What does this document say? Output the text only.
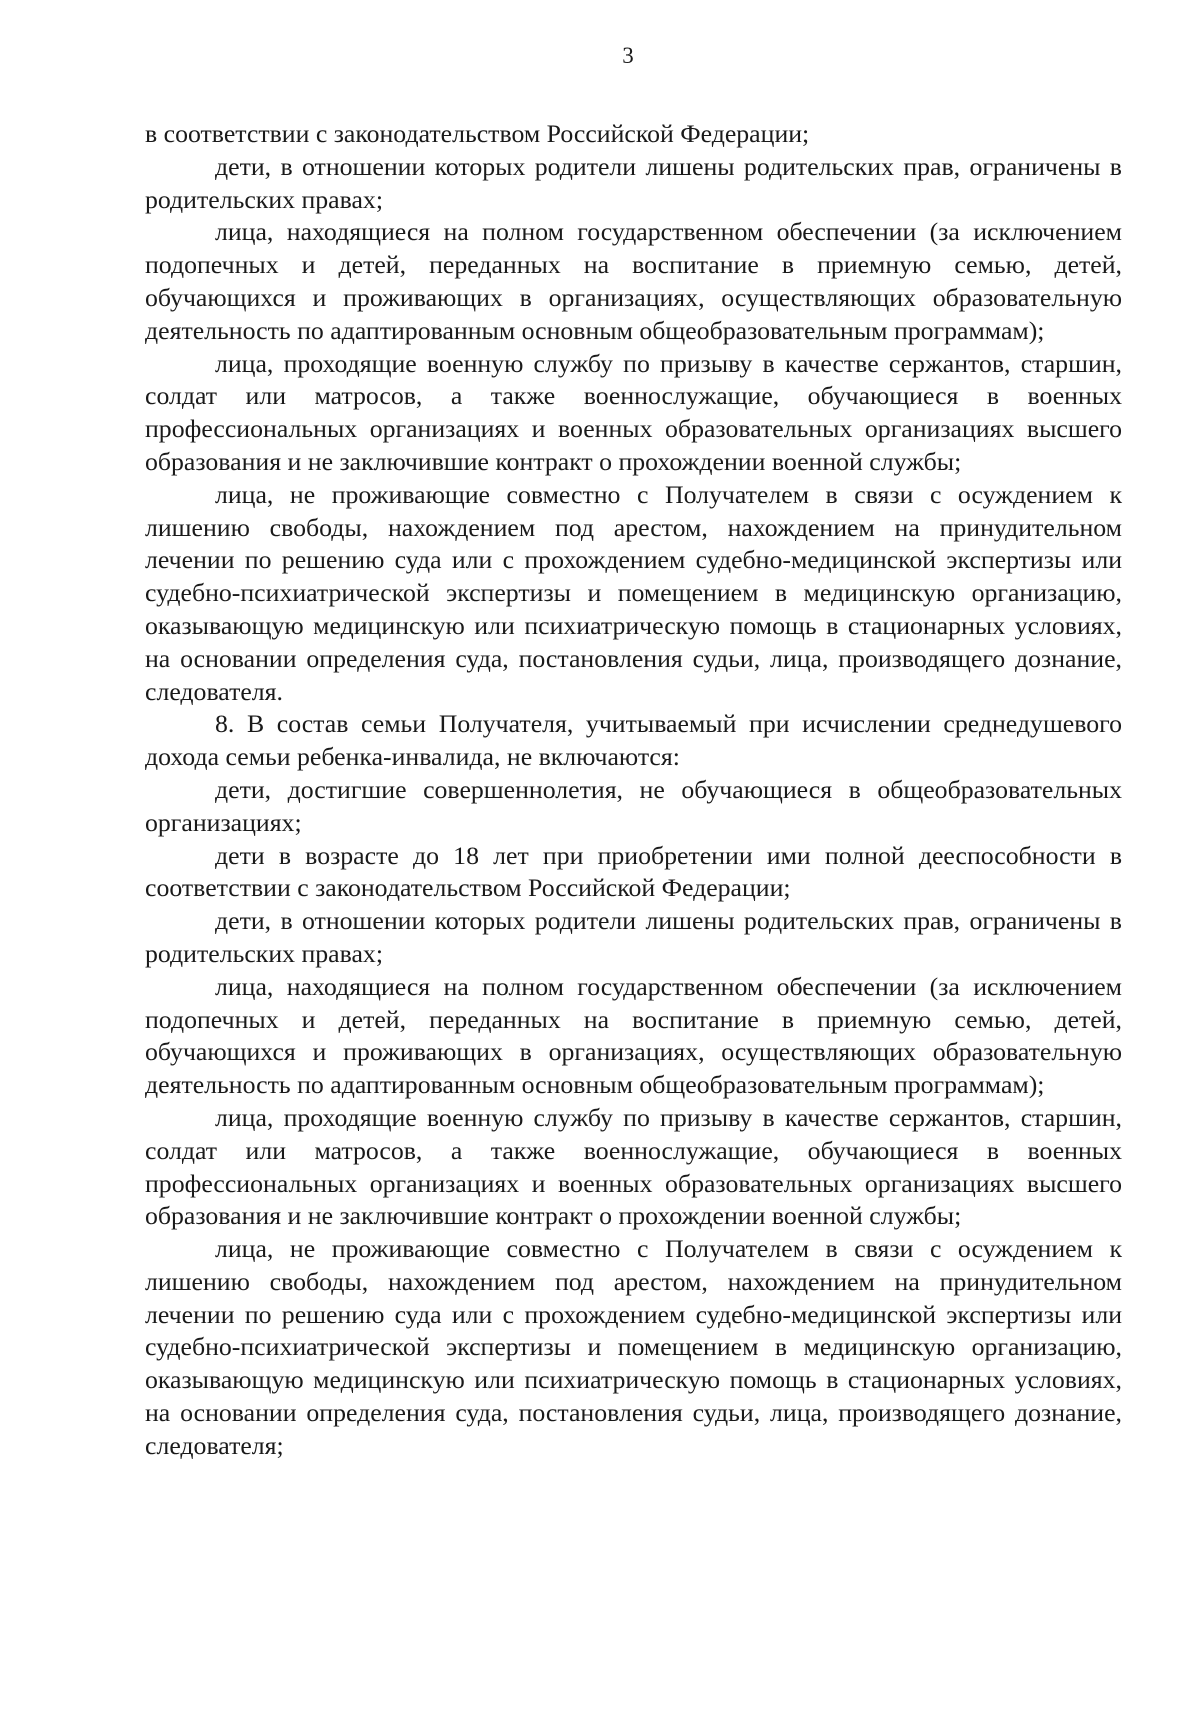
3

в соответствии с законодательством Российской Федерации;

дети, в отношении которых родители лишены родительских прав, ограничены в родительских правах;

лица, находящиеся на полном государственном обеспечении (за исключением подопечных и детей, переданных на воспитание в приемную семью, детей, обучающихся и проживающих в организациях, осуществляющих образовательную деятельность по адаптированным основным общеобразовательным программам);

лица, проходящие военную службу по призыву в качестве сержантов, старшин, солдат или матросов, а также военнослужащие, обучающиеся в военных профессиональных организациях и военных образовательных организациях высшего образования и не заключившие контракт о прохождении военной службы;

лица, не проживающие совместно с Получателем в связи с осуждением к лишению свободы, нахождением под арестом, нахождением на принудительном лечении по решению суда или с прохождением судебно-медицинской экспертизы или судебно-психиатрической экспертизы и помещением в медицинскую организацию, оказывающую медицинскую или психиатрическую помощь в стационарных условиях, на основании определения суда, постановления судьи, лица, производящего дознание, следователя.

8. В состав семьи Получателя, учитываемый при исчислении среднедушевого дохода семьи ребенка-инвалида, не включаются:

дети, достигшие совершеннолетия, не обучающиеся в общеобразовательных организациях;

дети в возрасте до 18 лет при приобретении ими полной дееспособности в соответствии с законодательством Российской Федерации;

дети, в отношении которых родители лишены родительских прав, ограничены в родительских правах;

лица, находящиеся на полном государственном обеспечении (за исключением подопечных и детей, переданных на воспитание в приемную семью, детей, обучающихся и проживающих в организациях, осуществляющих образовательную деятельность по адаптированным основным общеобразовательным программам);

лица, проходящие военную службу по призыву в качестве сержантов, старшин, солдат или матросов, а также военнослужащие, обучающиеся в военных профессиональных организациях и военных образовательных организациях высшего образования и не заключившие контракт о прохождении военной службы;

лица, не проживающие совместно с Получателем в связи с осуждением к лишению свободы, нахождением под арестом, нахождением на принудительном лечении по решению суда или с прохождением судебно-медицинской экспертизы или судебно-психиатрической экспертизы и помещением в медицинскую организацию, оказывающую медицинскую или психиатрическую помощь в стационарных условиях, на основании определения суда, постановления судьи, лица, производящего дознание, следователя;
